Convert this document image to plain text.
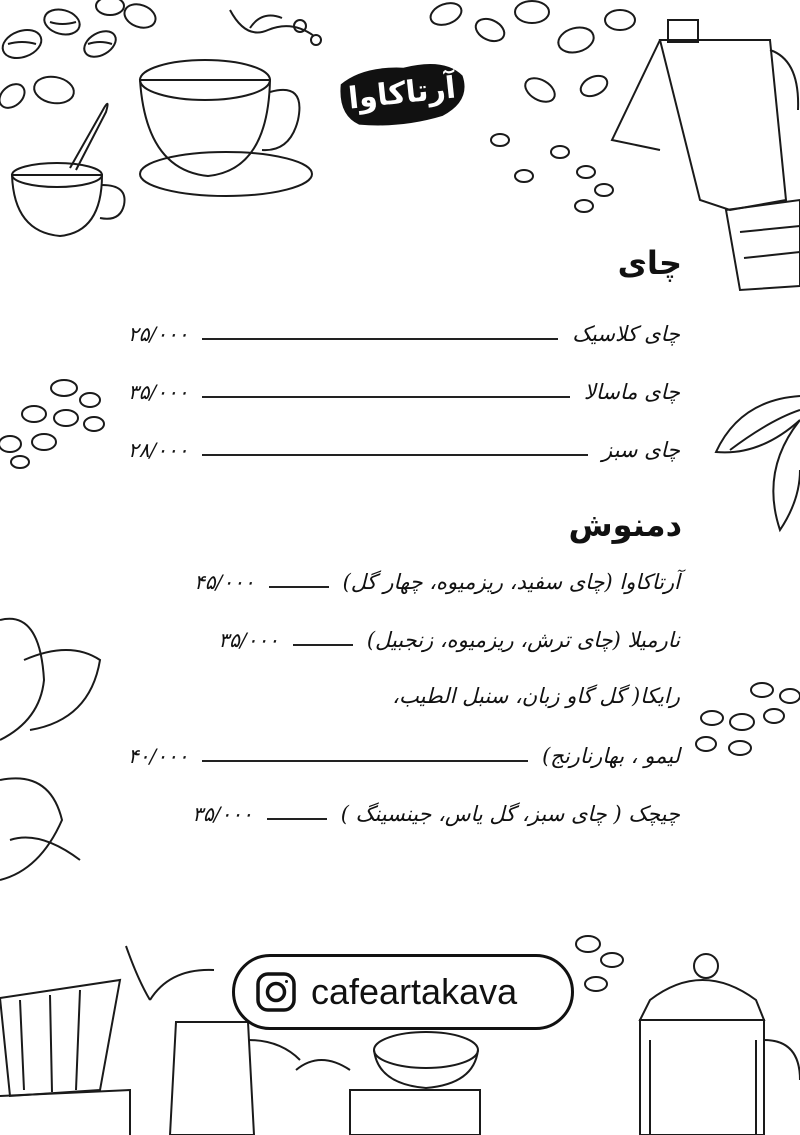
آرتاکاوا
چای
چای کلاسیک
۲۵/۰۰۰
چای ماسالا
۳۵/۰۰۰
چای سبز
۲۸/۰۰۰
دمنوش
آرتاکاوا (چای سفید، ریزمیوه، چهار گل)
۴۵/۰۰۰
نارمیلا (چای ترش، ریزمیوه، زنجبیل)
۳۵/۰۰۰
رایکا( گل گاو زبان، سنبل الطیب،
لیمو ، بهارنارنج)
۴۰/۰۰۰
چیچک ( چای سبز، گل یاس، جینسینگ )
۳۵/۰۰۰
cafeartakava
